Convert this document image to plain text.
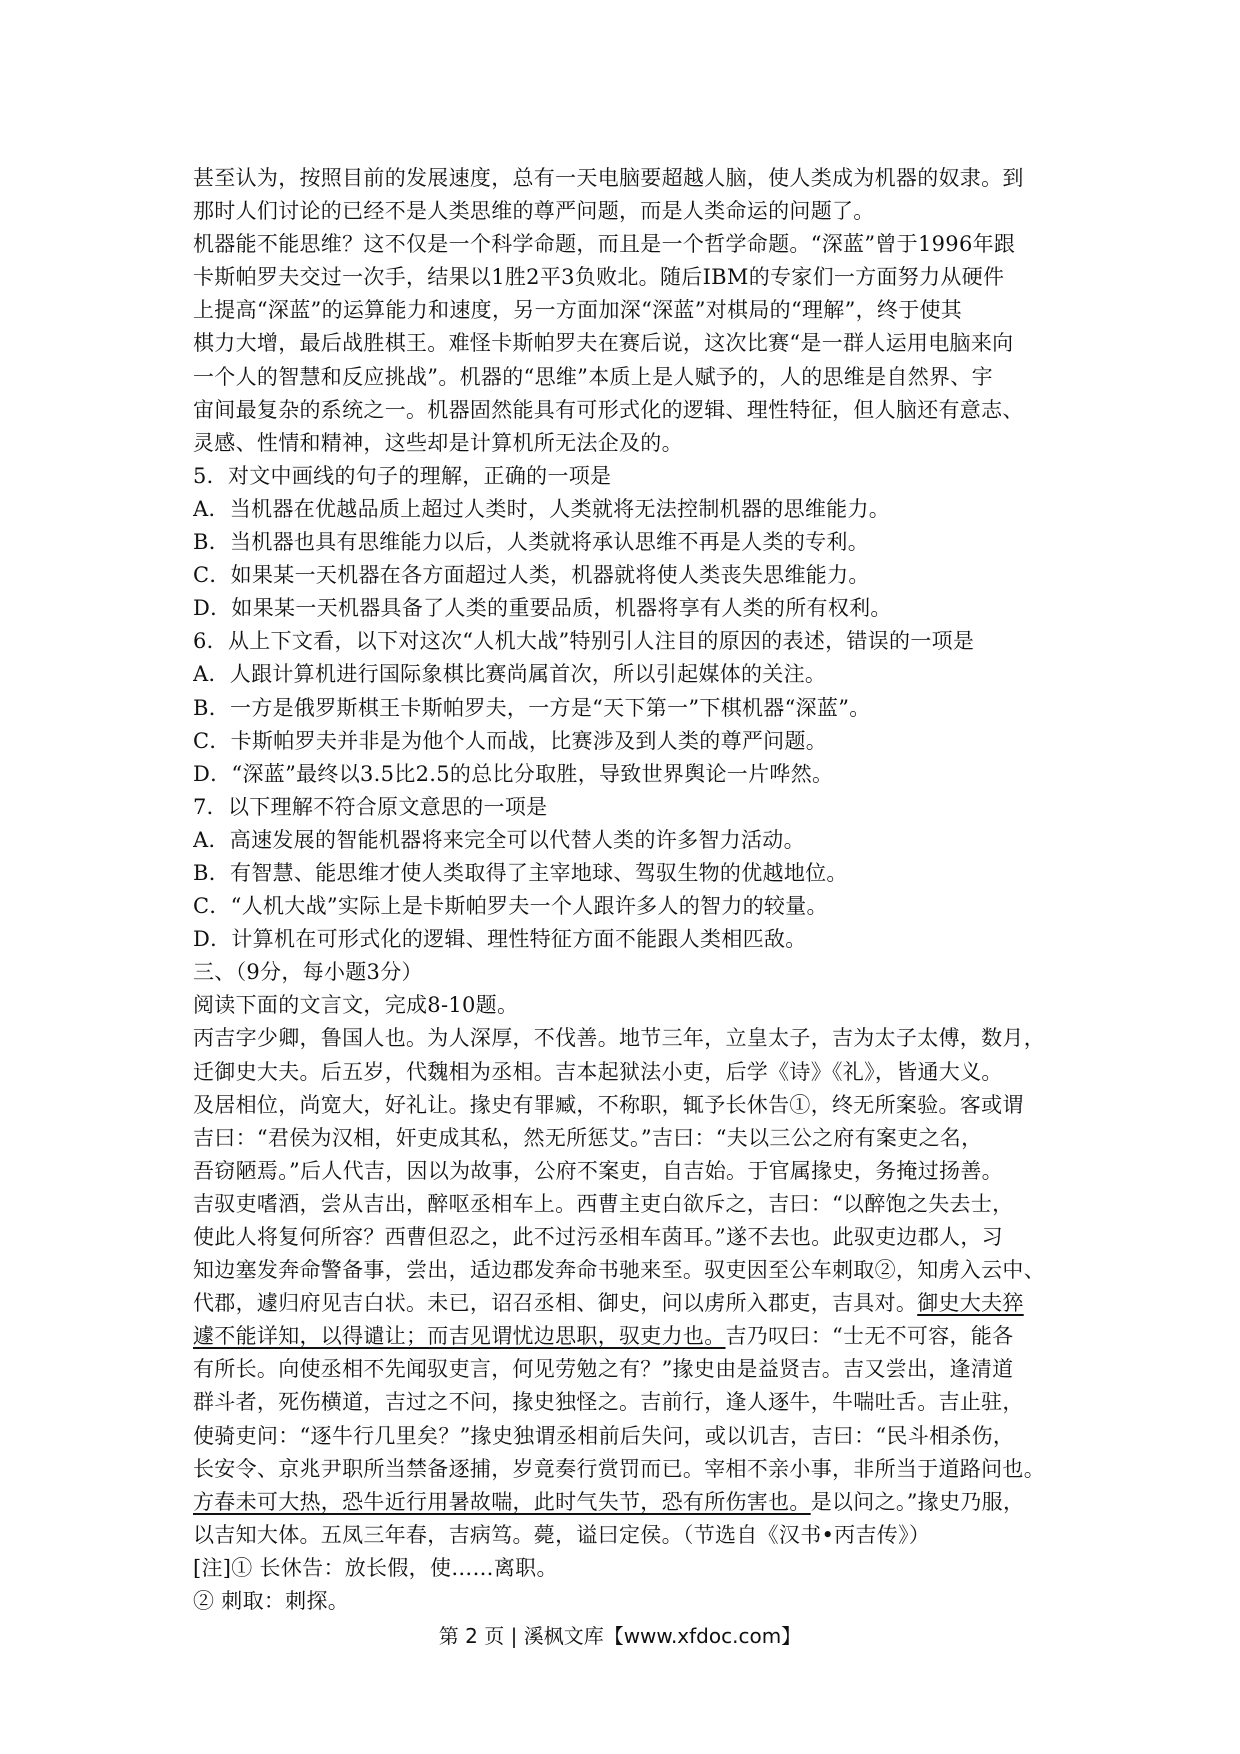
甚至认为，按照目前的发展速度，总有一天电脑要超越人脑，使人类成为机器的奴隶。到

那时人们讨论的已经不是人类思维的尊严问题，而是人类命运的问题了。

机器能不能思维？这不仅是一个科学命题，而且是一个哲学命题。“深蓝”曾于1996年跟

卡斯帕罗夫交过一次手，结果以1胜2平3负败北。随后IBM的专家们一方面努力从硬件

上提高“深蓝”的运算能力和速度，另一方面加深“深蓝”对棋局的“理解”，终于使其

棋力大增，最后战胜棋王。难怪卡斯帕罗夫在赛后说，这次比赛“是一群人运用电脑来向

一个人的智慧和反应挑战”。机器的“思维”本质上是人赋予的，人的思维是自然界、宇

宙间最复杂的系统之一。机器固然能具有可形式化的逻辑、理性特征，但人脑还有意志、

灵感、性情和精神，这些却是计算机所无法企及的。

5．对文中画线的句子的理解，正确的一项是

A．当机器在优越品质上超过人类时，人类就将无法控制机器的思维能力。

B．当机器也具有思维能力以后，人类就将承认思维不再是人类的专利。

C．如果某一天机器在各方面超过人类，机器就将使人类丧失思维能力。

D．如果某一天机器具备了人类的重要品质，机器将享有人类的所有权利。

6．从上下文看，以下对这次“人机大战”特别引人注目的原因的表述，错误的一项是

A．人跟计算机进行国际象棋比赛尚属首次，所以引起媒体的关注。

B．一方是俄罗斯棋王卡斯帕罗夫，一方是“天下第一”下棋机器“深蓝”。

C．卡斯帕罗夫并非是为他个人而战，比赛涉及到人类的尊严问题。

D．“深蓝”最终以3.5比2.5的总比分取胜，导致世界舆论一片哗然。

7．以下理解不符合原文意思的一项是

A．高速发展的智能机器将来完全可以代替人类的许多智力活动。

B．有智慧、能思维才使人类取得了主宰地球、驾驭生物的优越地位。

C．“人机大战”实际上是卡斯帕罗夫一个人跟许多人的智力的较量。

D．计算机在可形式化的逻辑、理性特征方面不能跟人类相匹敌。

三、（9分，每小题3分）

阅读下面的文言文，完成8-10题。

丙吉字少卿，鲁国人也。为人深厚，不伐善。地节三年，立皇太子，吉为太子太傅，数月，

迁御史大夫。后五岁，代魏相为丞相。吉本起狱法小吏，后学《诗》《礼》，皆通大义。

及居相位，尚宽大，好礼让。掾史有罪臧，不称职，辄予长休告①，终无所案验。客或谓

吉曰：“君侯为汉相，奸吏成其私，然无所惩艾。”吉曰：“夫以三公之府有案吏之名，

吾窃陋焉。”后人代吉，因以为故事，公府不案吏，自吉始。于官属掾史，务掩过扬善。

吉驭吏嗜酒，尝从吉出，醉呕丞相车上。西曹主吏白欲斥之，吉曰：“以醉饱之失去士，

使此人将复何所容？西曹但忍之，此不过污丞相车茵耳。”遂不去也。此驭吏边郡人，习

知边塞发奔命警备事，尝出，适边郡发奔命书驰来至。驭吏因至公车刺取②，知虏入云中、

代郡，遽归府见吉白状。未已，诏召丞相、御史，问以虏所入郡吏，吉具对。御史大夫猝

遽不能详知，以得谴让；而吉见谓忧边思职，驭吏力也。吉乃叹曰：“士无不可容，能各

有所长。向使丞相不先闻驭吏言，何见劳勉之有？”掾史由是益贤吉。吉又尝出，逢清道

群斗者，死伤横道，吉过之不问，掾史独怪之。吉前行，逢人逐牛，牛喘吐舌。吉止驻，

使骑吏问：“逐牛行几里矣？”掾史独谓丞相前后失问，或以讥吉，吉曰：“民斗相杀伤，

长安令、京兆尹职所当禁备逐捕，岁竟奏行赏罚而已。宰相不亲小事，非所当于道路问也。

方春未可大热，恐牛近行用暑故喘，此时气失节，恐有所伤害也。是以问之。”掾史乃服，

以吉知大体。五凤三年春，吉病笃。薨，谥曰定侯。（节选自《汉书•丙吉传》）

[注]① 长休告：放长假，使……离职。

② 刺取：刺探。

第 2 页 | 溪枫文库【www.xfdoc.com】
